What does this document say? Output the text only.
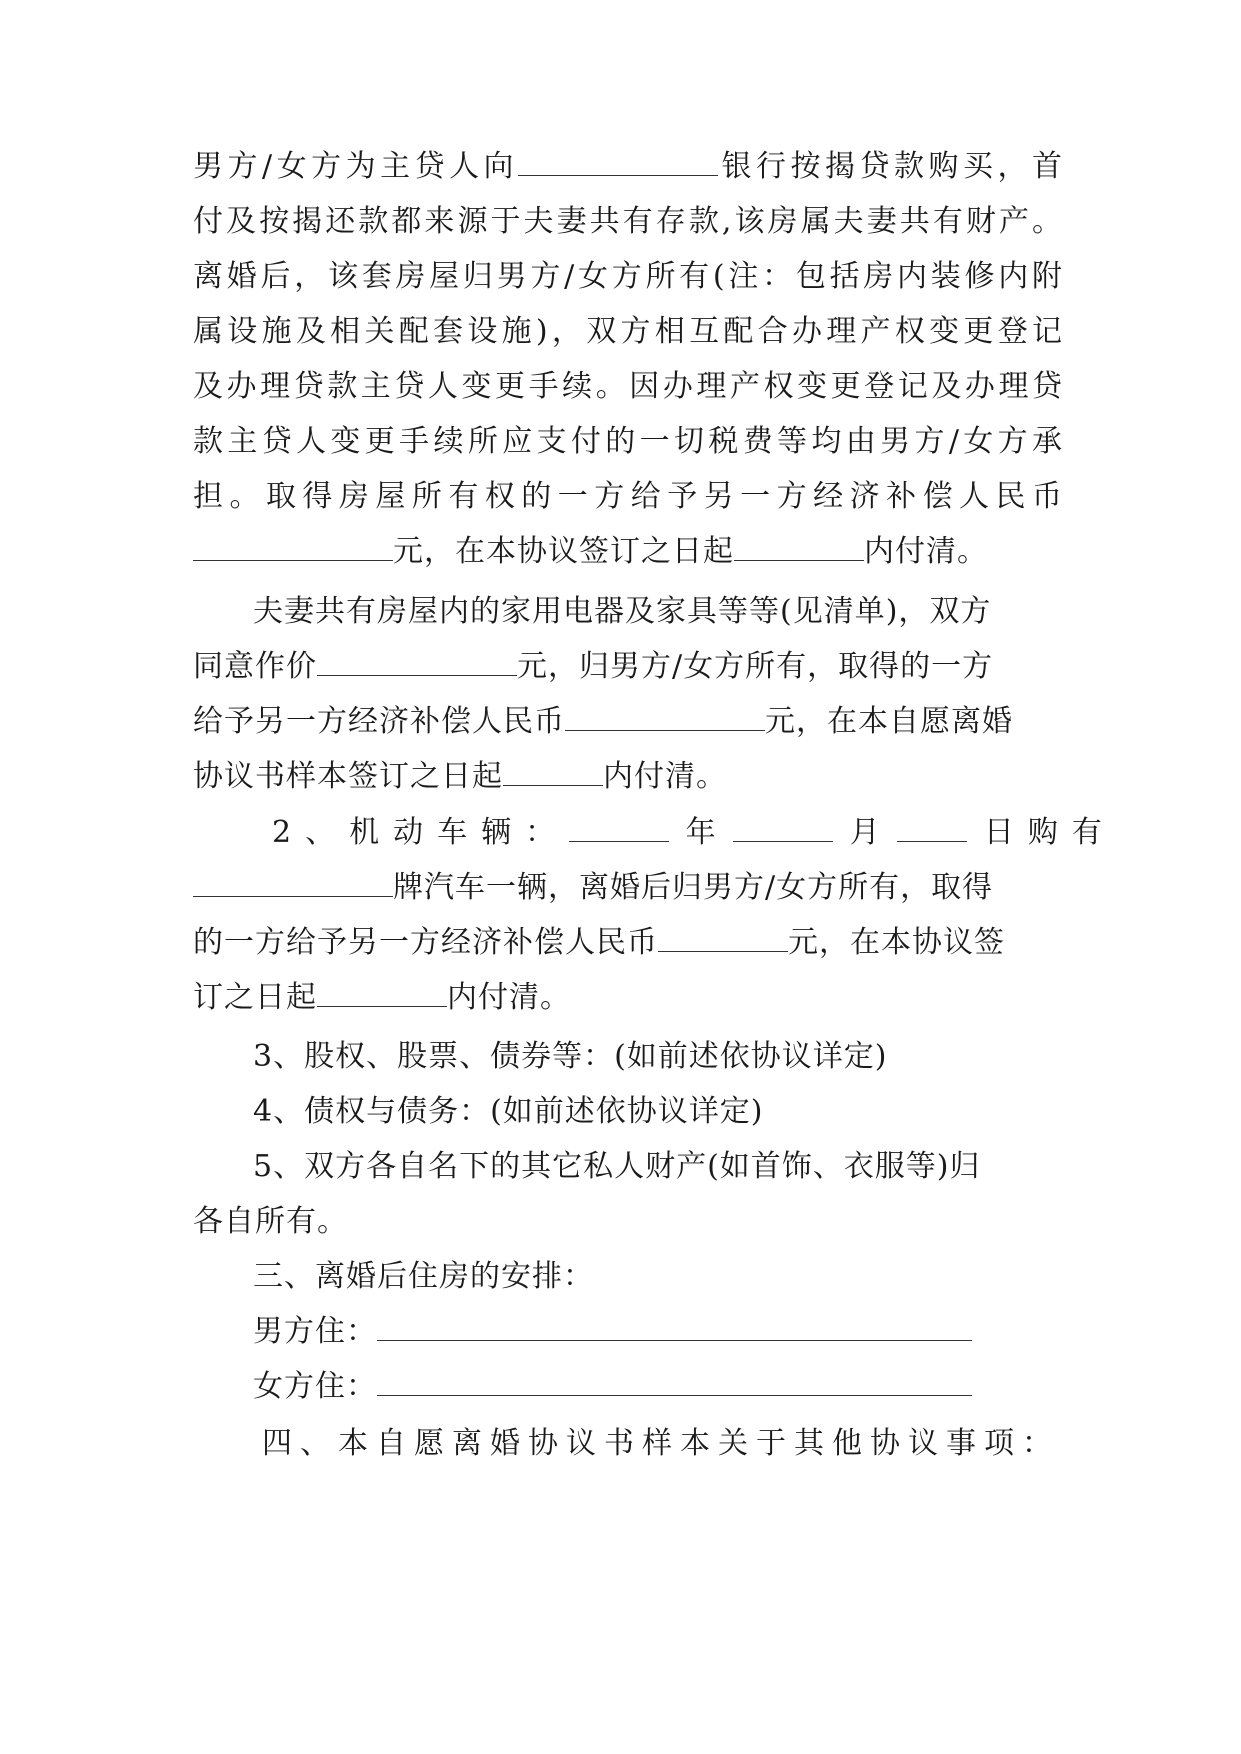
男方/女方为主贷人向	银行按揭贷款购买，首
付及按揭还款都来源于夫妻共有存款,该房属夫妻共有财产。
离婚后，该套房屋归男方/女方所有(注：包括房内装修内附
属设施及相关配套设施)，双方相互配合办理产权变更登记
及办理贷款主贷人变更手续。因办理产权变更登记及办理贷
款主贷人变更手续所应支付的一切税费等均由男方/女方承
担。取得房屋所有权的一方给予另一方经济补偿人民币
元，在本协议签订之日起	内付清。
夫妻共有房屋内的家用电器及家具等等(见清单)，双方
同意作价	元，归男方/女方所有，取得的一方
给予另一方经济补偿人民币	元，在本自愿离婚
协议书样本签订之日起	内付清。
2、机动车辆：	年	月	日购有
牌汽车一辆，离婚后归男方/女方所有，取得
的一方给予另一方经济补偿人民币	元，在本协议签
订之日起	内付清。
3、股权、股票、债券等：(如前述依协议详定)
4、债权与债务：(如前述依协议详定)
5、双方各自名下的其它私人财产(如首饰、衣服等)归
各自所有。
三、离婚后住房的安排：
男方住：
女方住：
四、本自愿离婚协议书样本关于其他协议事项：
